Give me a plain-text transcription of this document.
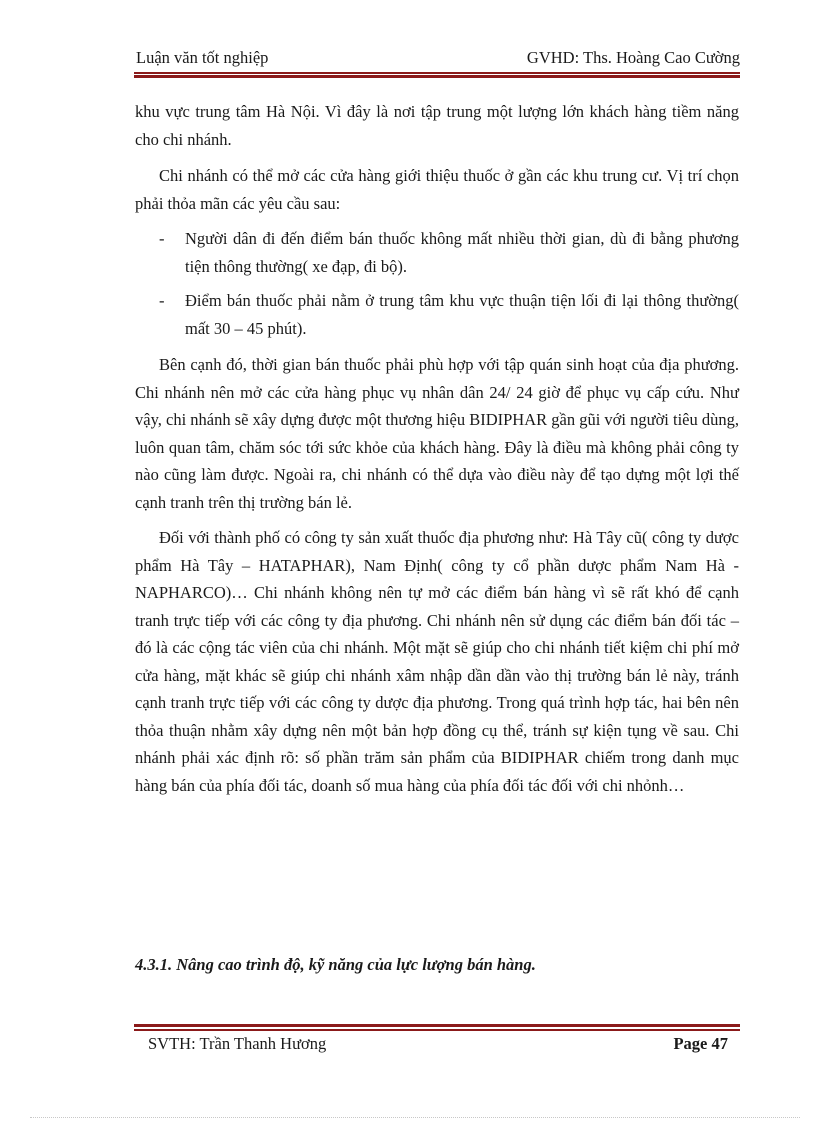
Luận văn tốt nghiệp	GVHD: Ths. Hoàng Cao Cường

khu vực trung tâm Hà Nội. Vì đây là nơi tập trung một lượng lớn khách hàng tiềm năng cho chi nhánh.

Chi nhánh có thể mở các cửa hàng giới thiệu thuốc ở gần các khu trung cư. Vị trí chọn phải thỏa mãn các yêu cầu sau:

-	Người dân đi đến điểm bán thuốc không mất nhiều thời gian, dù đi bằng phương tiện thông thường( xe đạp, đi bộ).
-	Điểm bán thuốc phải nằm ở trung tâm khu vực thuận tiện lối đi lại thông thường( mất 30 – 45 phút).

Bên cạnh đó, thời gian bán thuốc phải phù hợp với tập quán sinh hoạt của địa phương. Chi nhánh nên mở các cửa hàng phục vụ nhân dân 24/ 24 giờ để phục vụ cấp cứu. Như vậy, chi nhánh sẽ xây dựng được một thương hiệu BIDIPHAR gần gũi với người tiêu dùng, luôn quan tâm, chăm sóc tới sức khỏe của khách hàng. Đây là điều mà không phải công ty nào cũng làm được. Ngoài ra, chi nhánh có thể dựa vào điều này để tạo dựng một lợi thế cạnh tranh trên thị trường bán lẻ.

Đối với thành phố có công ty sản xuất thuốc địa phương như: Hà Tây cũ( công ty dược phẩm Hà Tây – HATAPHAR), Nam Định( công ty cổ phần dược phẩm Nam Hà - NAPHARCO)… Chi nhánh không nên tự mở các điểm bán hàng vì sẽ rất khó để cạnh tranh trực tiếp với các công ty địa phương. Chi nhánh nên sử dụng các điểm bán đối tác – đó là các cộng tác viên của chi nhánh. Một mặt sẽ giúp cho chi nhánh tiết kiệm chi phí mở cửa hàng, mặt khác sẽ giúp chi nhánh xâm nhập dần dần vào thị trường bán lẻ này, tránh cạnh tranh trực tiếp với các công ty dược địa phương. Trong quá trình hợp tác, hai bên nên thỏa thuận nhằm xây dựng nên một bản hợp đồng cụ thể, tránh sự kiện tụng về sau. Chi nhánh phải xác định rõ: số phần trăm sản phẩm của BIDIPHAR chiếm trong danh mục hàng bán của phía đối tác, doanh số mua hàng của phía đối tác đối với chi nhỏnh…

4.3.1. Nâng cao trình độ, kỹ năng của lực lượng bán hàng.
SVTH: Trần Thanh Hương	Page 47
